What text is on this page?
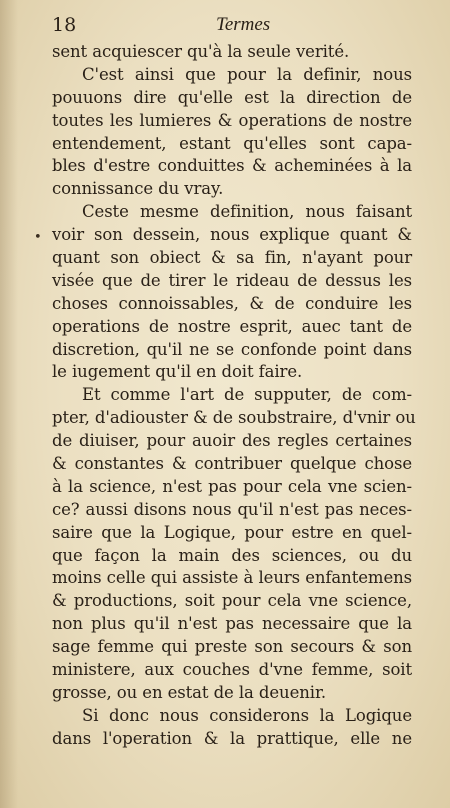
18	Termes
•
sent acquiescer qu'à la seule verité.
C'est ainsi que pour la definir, nous
pouuons dire qu'elle est la direction de
toutes les lumieres & operations de nostre
entendement, estant qu'elles sont capa-
bles d'estre conduittes & acheminées à la
connissance du vray.
Ceste mesme definition, nous faisant
voir son dessein, nous explique quant &
quant son obiect & sa fin, n'ayant pour
visée que de tirer le rideau de dessus les
choses connoissables, & de conduire les
operations de nostre esprit, auec tant de
discretion, qu'il ne se confonde point dans
le iugement qu'il en doit faire.
Et comme l'art de supputer, de com-
pter, d'adiouster & de soubstraire, d'vnir ou
de diuiser, pour auoir des regles certaines
& constantes & contribuer quelque chose
à la science, n'est pas pour cela vne scien-
ce? aussi disons nous qu'il n'est pas neces-
saire que la Logique, pour estre en quel-
que façon la main des sciences, ou du
moins celle qui assiste à leurs enfantemens
& productions, soit pour cela vne science,
non plus qu'il n'est pas necessaire que la
sage femme qui preste son secours & son
ministere, aux couches d'vne femme, soit
grosse, ou en estat de la deuenir.
Si donc nous considerons la Logique
dans l'operation & la prattique, elle ne
